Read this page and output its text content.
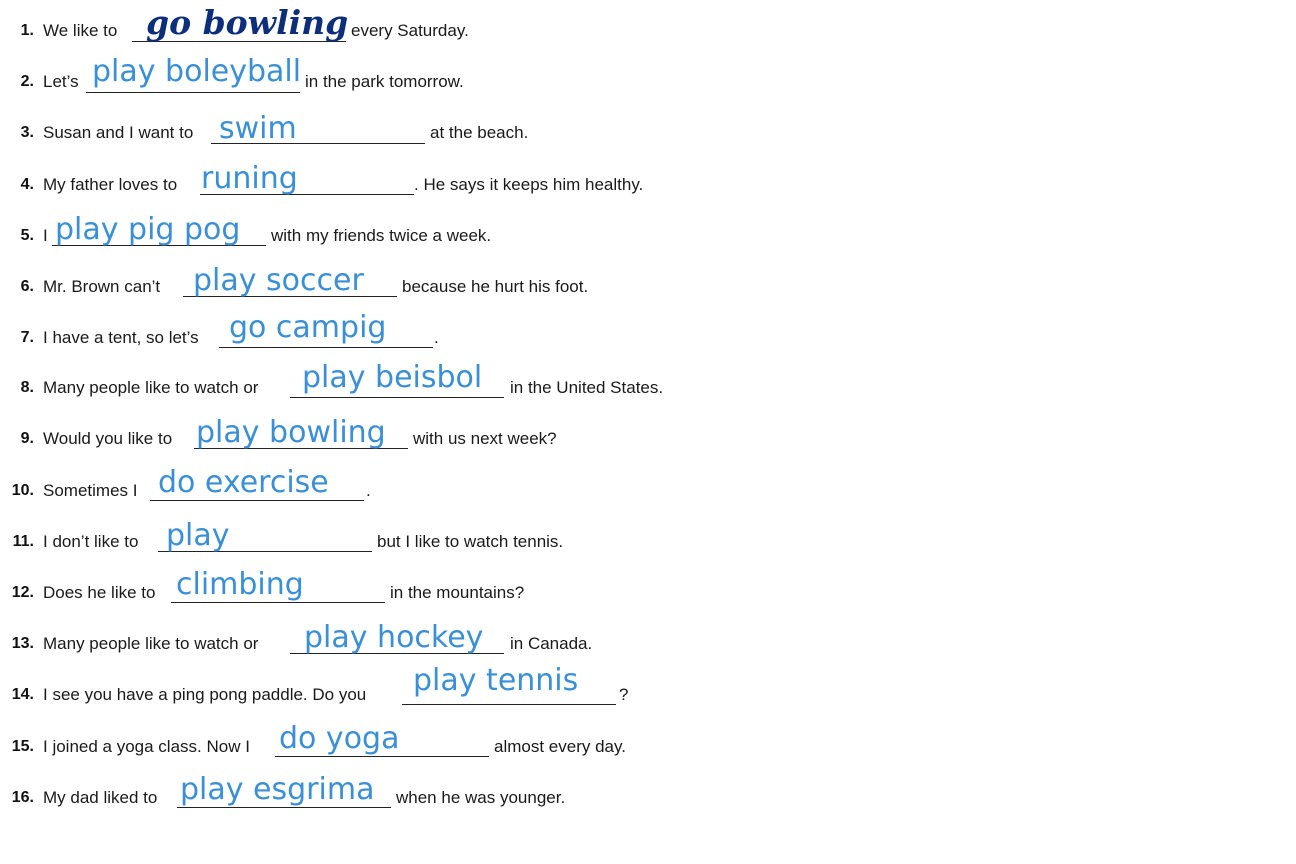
1. We like to go bowling every Saturday.
2. Let’s play boleyball in the park tomorrow.
3. Susan and I want to swim	at the beach.
4. My father loves to runing	. He says it keeps him healthy.
5. I play pig pog with my friends twice a week.
6. Mr. Brown can’t play soccer because he hurt his foot.
7. I have a tent, so let’s go campig	.
8. Many people like to watch or play beisbol in the United States.
9. Would you like to play bowling with us next week?
10. Sometimes I do exercise .
11. I don’t like to play	but I like to watch tennis.
12. Does he like to climbing	in the mountains?
13. Many people like to watch or play hockey in Canada.
14. I see you have a ping pong paddle. Do you play tennis ?
15. I joined a yoga class. Now I do yoga	almost every day.
16. My dad liked to play esgrima when he was younger.
